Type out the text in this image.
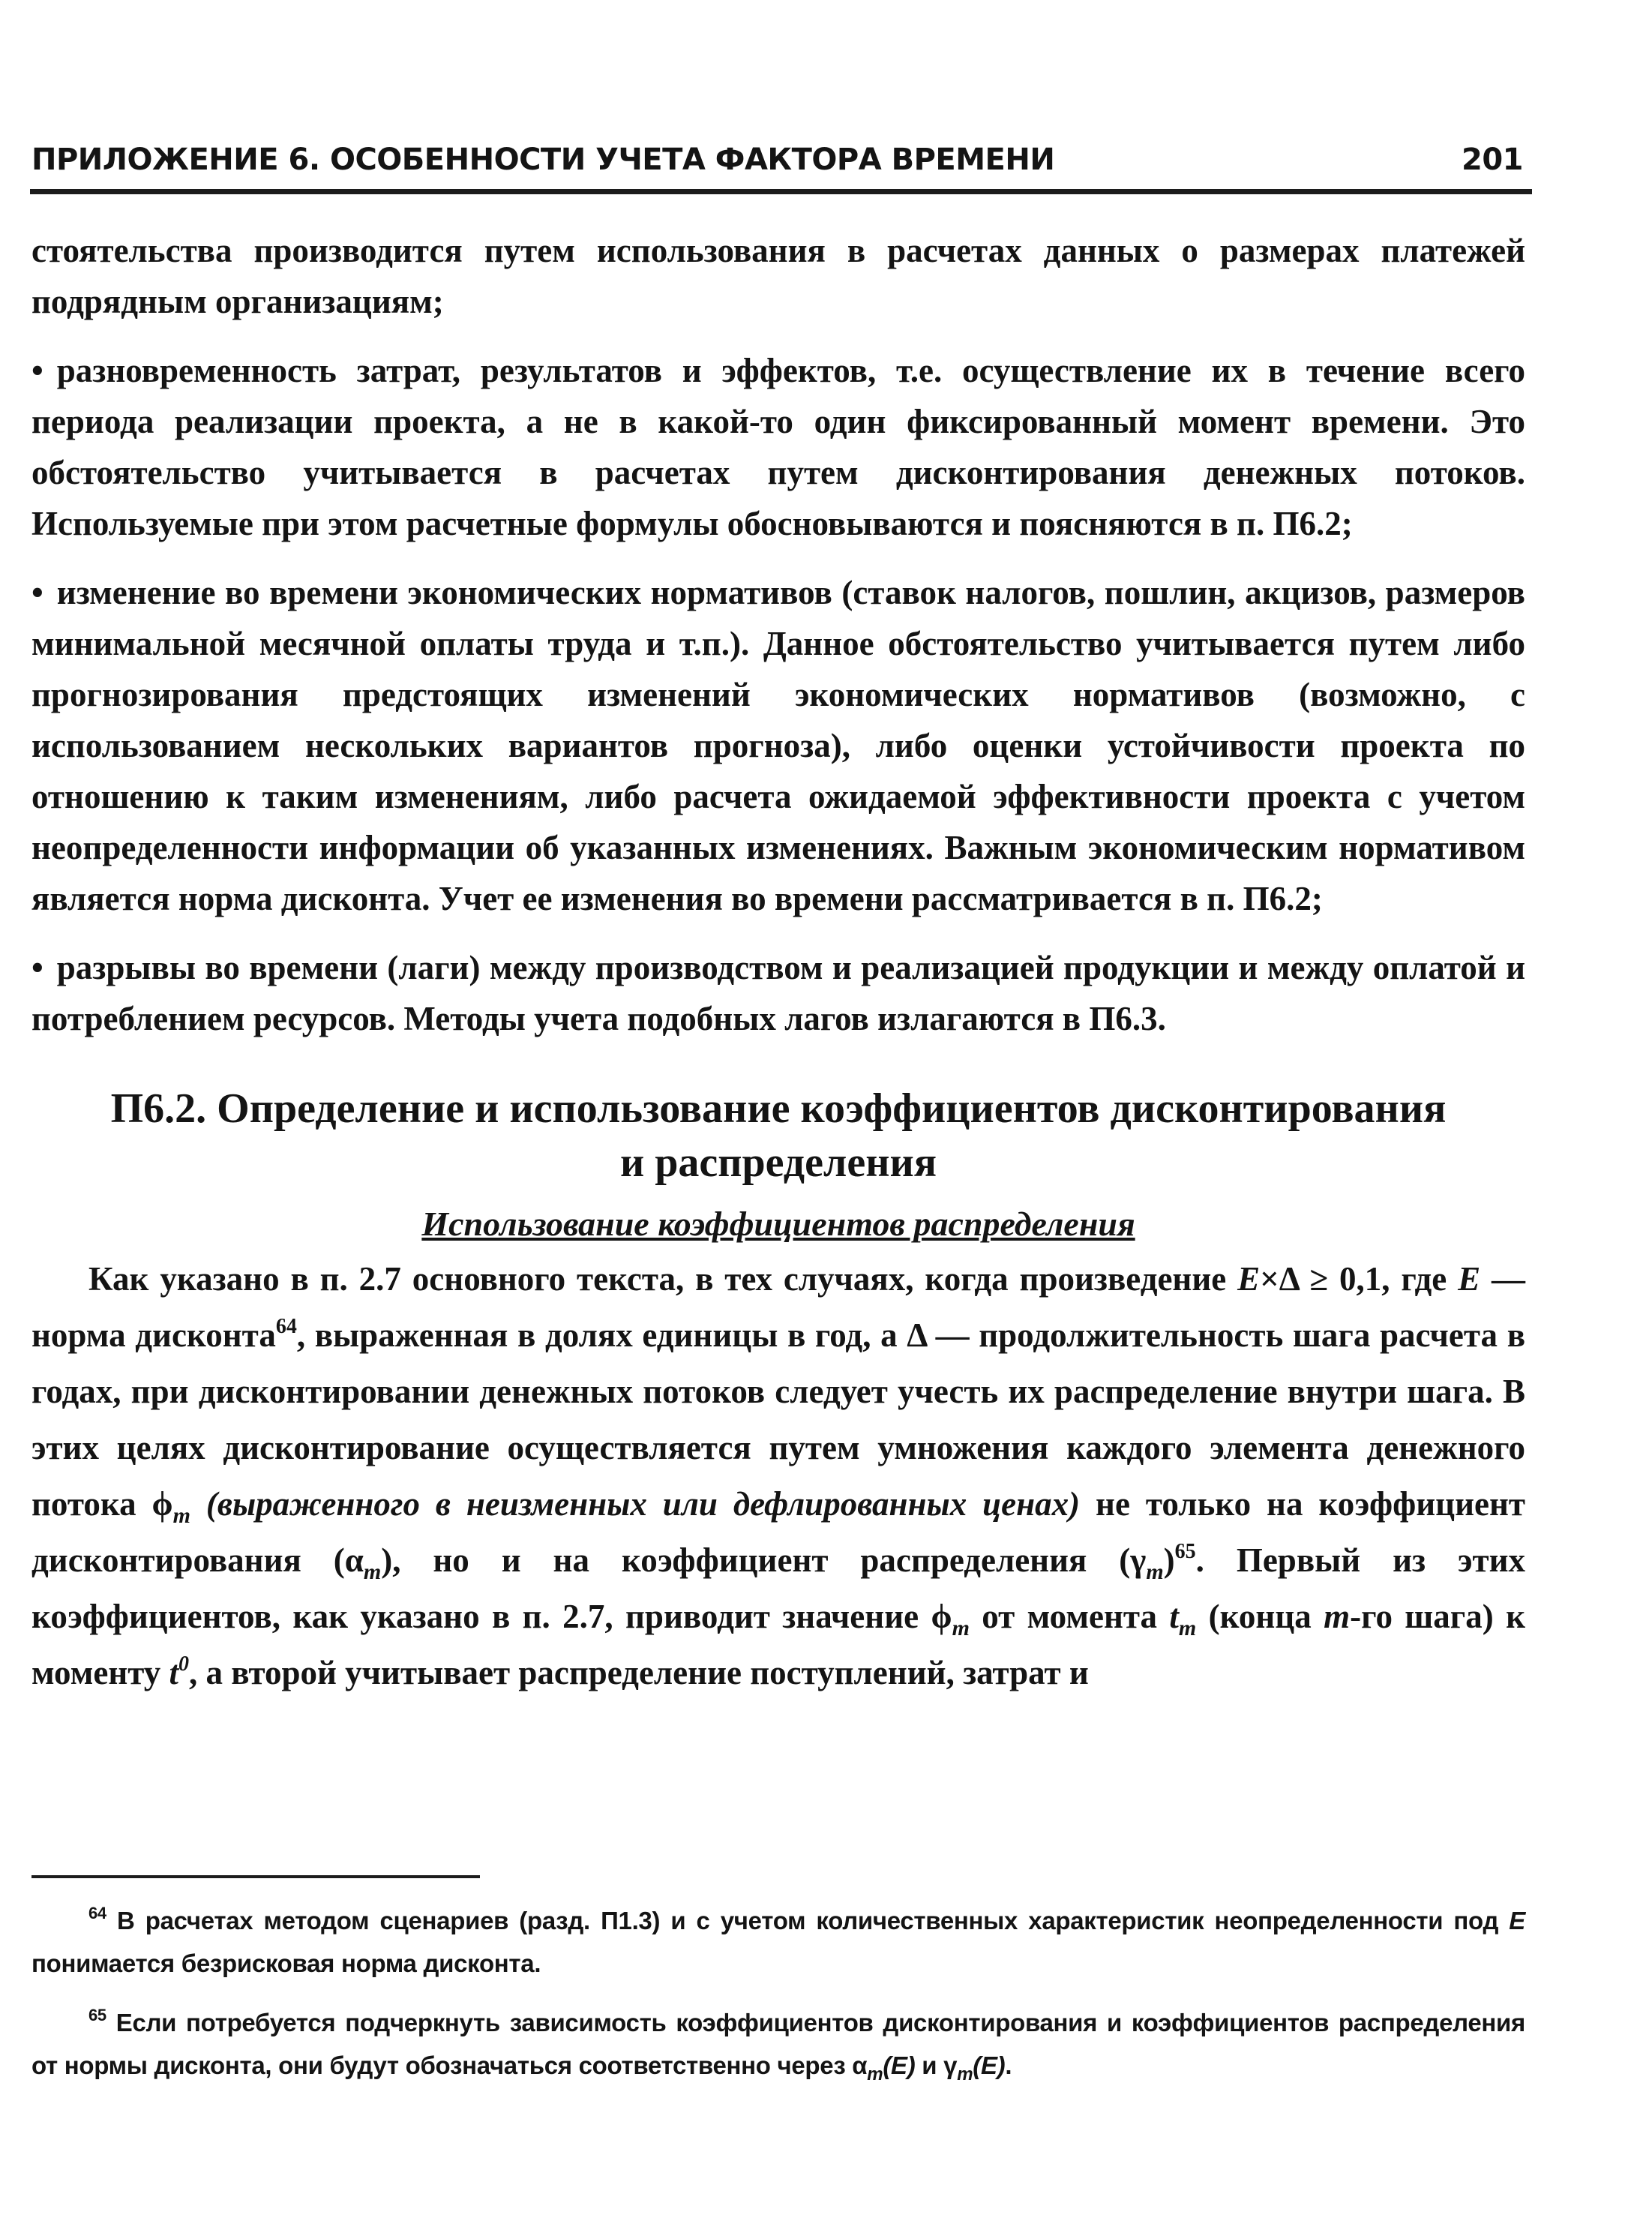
ПРИЛОЖЕНИЕ 6. ОСОБЕННОСТИ УЧЕТА ФАКТОРА ВРЕМЕНИ	201

стоятельства производится путем использования в расчетах данных о размерах платежей подрядным организациям;

• разновременность затрат, результатов и эффектов, т.е. осуществление их в течение всего периода реализации проекта, а не в какой-то один фиксированный момент времени. Это обстоятельство учитывается в расчетах путем дисконтирования денежных потоков. Используемые при этом расчетные формулы обосновываются и поясняются в п. П6.2;

• изменение во времени экономических нормативов (ставок налогов, пошлин, акцизов, размеров минимальной месячной оплаты труда и т.п.). Данное обстоятельство учитывается путем либо прогнозирования предстоящих изменений экономических нормативов (возможно, с использованием нескольких вариантов прогноза), либо оценки устойчивости проекта по отношению к таким изменениям, либо расчета ожидаемой эффективности проекта с учетом неопределенности информации об указанных изменениях. Важным экономическим нормативом является норма дисконта. Учет ее изменения во времени рассматривается в п. П6.2;

• разрывы во времени (лаги) между производством и реализацией продукции и между оплатой и потреблением ресурсов. Методы учета подобных лагов излагаются в П6.3.

П6.2. Определение и использование коэффициентов дисконтирования
и распределения

Использование коэффициентов распределения

Как указано в п. 2.7 основного текста, в тех случаях, когда произведение E×Δ ≥ 0,1, где E — норма дисконта$^{64}$, выраженная в долях единицы в год, а Δ — продолжительность шага расчета в годах, при дисконтировании денежных потоков следует учесть их распределение внутри шага. В этих целях дисконтирование осуществляется путем умножения каждого элемента денежного потока $\phi_m$ (выраженного в неизменных или дефлированных ценах) не только на коэффициент дисконтирования $(\alpha_m)$, но и на коэффициент распределения $(\gamma_m)^{65}$. Первый из этих коэффициентов, как указано в п. 2.7, приводит значение $\phi_m$ от момента $t_m$ (конца m-го шага) к моменту $t^0$, а второй учитывает распределение поступлений, затрат и

$^{64}$ В расчетах методом сценариев (разд. П1.3) и с учетом количественных характеристик неопределенности под E понимается безрисковая норма дисконта.

$^{65}$ Если потребуется подчеркнуть зависимость коэффициентов дисконтирования и коэффициентов распределения от нормы дисконта, они будут обозначаться соответственно через $\alpha_m(E)$ и $\gamma_m(E)$.
